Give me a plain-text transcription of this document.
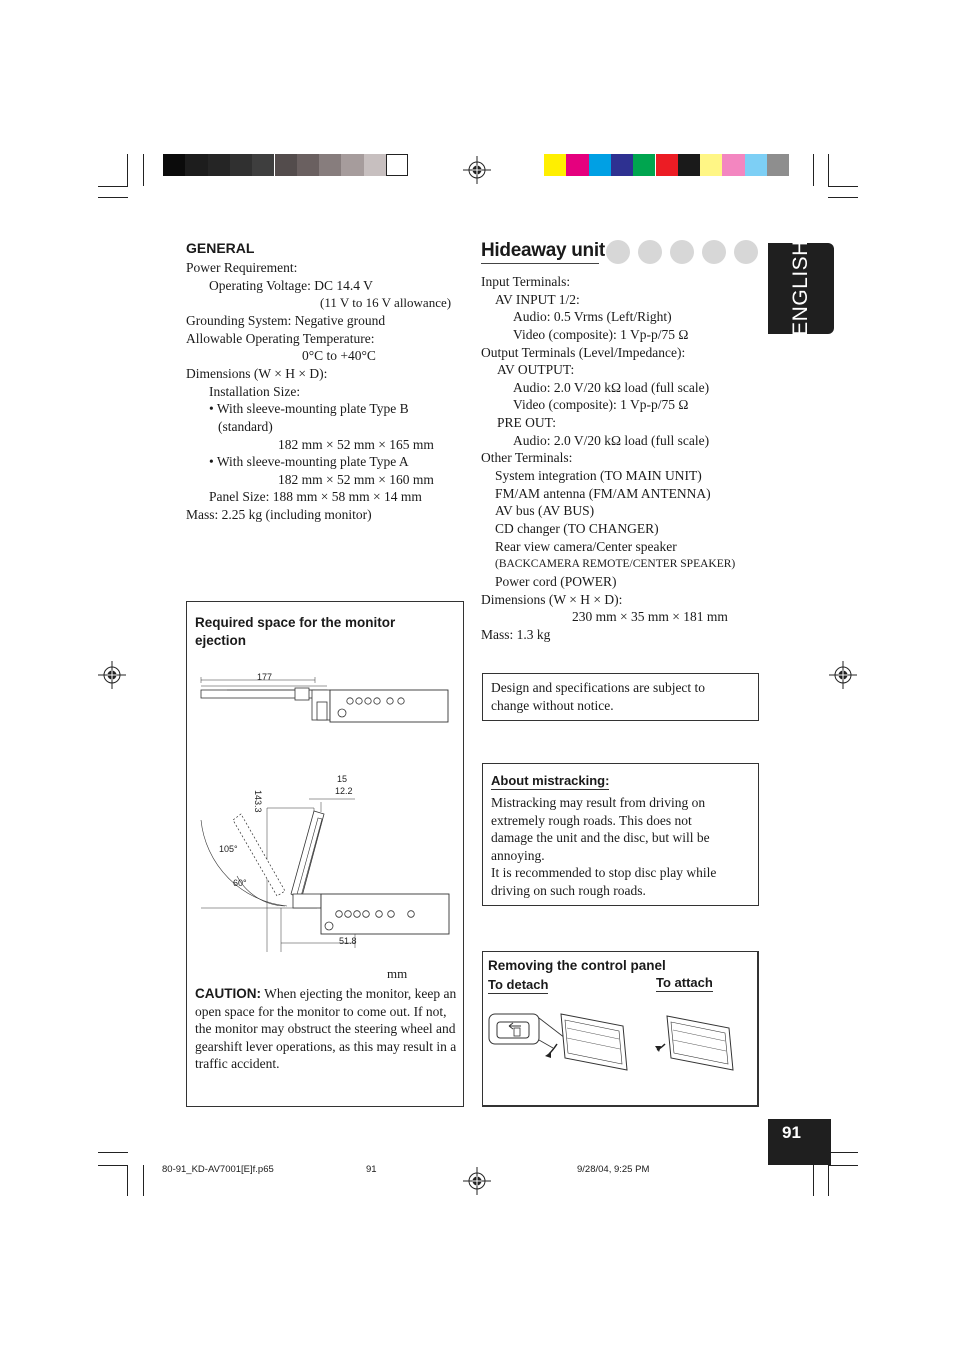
ENGLISH
GENERAL
Power Requirement:
Operating Voltage: DC 14.4 V
(11 V to 16 V allowance)
Grounding System: Negative ground
Allowable Operating Temperature:
0°C to +40°C
Dimensions (W × H × D):
Installation Size:
• With sleeve-mounting plate Type B
(standard)
182 mm × 52 mm × 165 mm
• With sleeve-mounting plate Type A
182 mm × 52 mm × 160 mm
Panel Size: 188 mm × 58 mm × 14 mm
Mass: 2.25 kg (including monitor)
Required space for the monitor ejection
177
143.3
15
12.2
105°
60°
51.8
mm
CAUTION: When ejecting the monitor, keep an open space for the monitor to come out. If not, the monitor may obstruct the steering wheel and gearshift lever operations, as this may result in a traffic accident.
Hideaway unit
Input Terminals:
AV INPUT 1/2:
Audio: 0.5 Vrms (Left/Right)
Video (composite): 1 Vp-p/75 Ω
Output Terminals (Level/Impedance):
AV OUTPUT:
Audio: 2.0 V/20 kΩ load (full scale)
Video (composite): 1 Vp-p/75 Ω
PRE OUT:
Audio: 2.0 V/20 kΩ load (full scale)
Other Terminals:
System integration (TO MAIN UNIT)
FM/AM antenna (FM/AM ANTENNA)
AV bus (AV BUS)
CD changer (TO CHANGER)
Rear view camera/Center speaker
(BACKCAMERA REMOTE/CENTER SPEAKER)
Power cord (POWER)
Dimensions (W × H × D):
230 mm × 35 mm × 181 mm
Mass: 1.3 kg
Design and specifications are subject to change without notice.
About mistracking:
Mistracking may result from driving on
extremely rough roads. This does not
damage the unit and the disc, but will be
annoying.
It is recommended to stop disc play while
driving on such rough roads.
Removing the control panel
To detach	To attach
91
80-91_KD-AV7001[E]f.p65	91	9/28/04, 9:25 PM
